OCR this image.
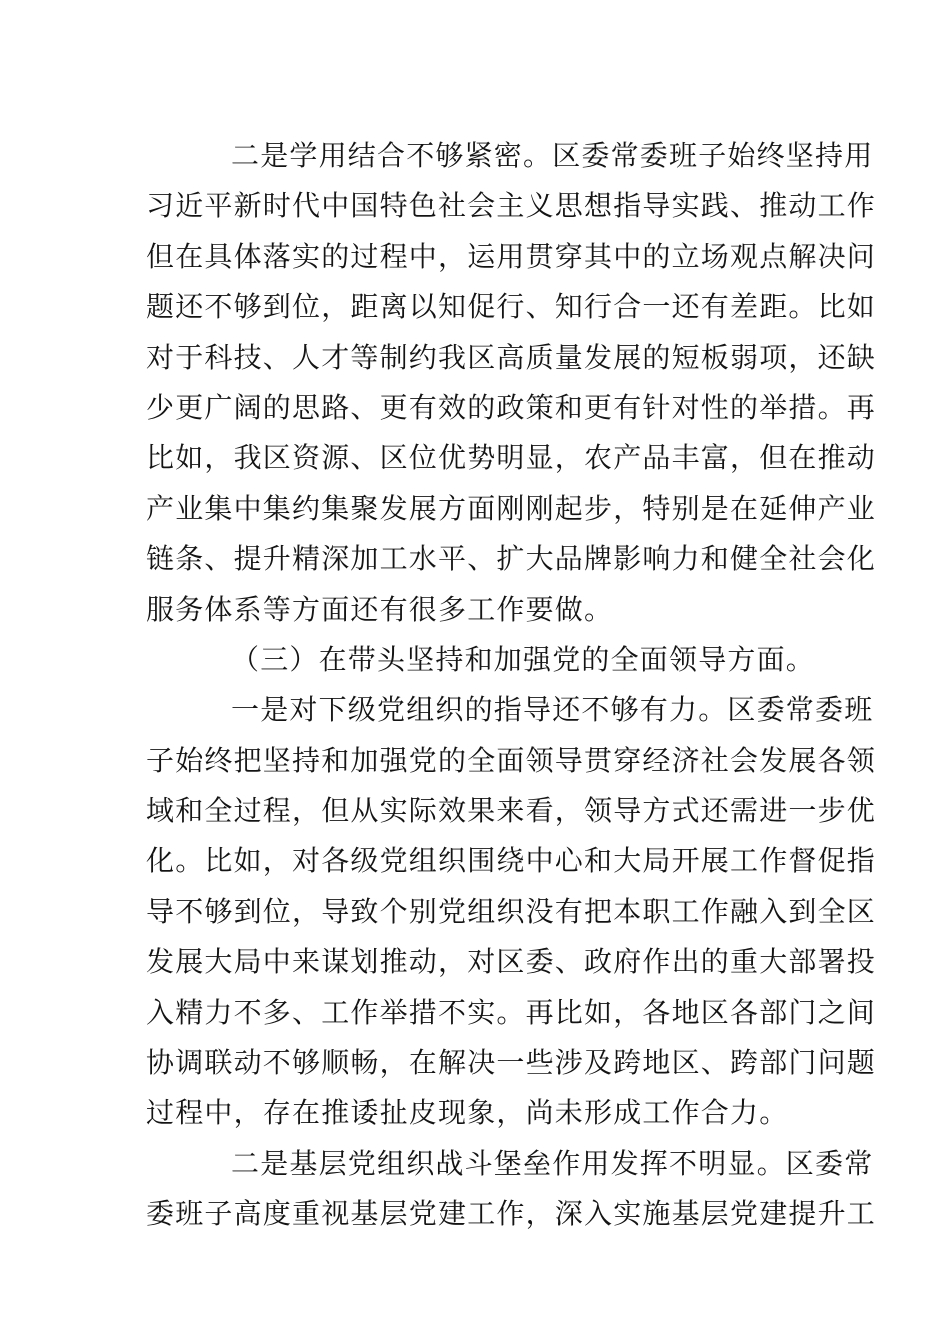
二是学用结合不够紧密。区委常委班子始终坚持用
习近平新时代中国特色社会主义思想指导实践、推动工作
但在具体落实的过程中，运用贯穿其中的立场观点解决问
题还不够到位，距离以知促行、知行合一还有差距。比如
对于科技、人才等制约我区高质量发展的短板弱项，还缺
少更广阔的思路、更有效的政策和更有针对性的举措。再
比如，我区资源、区位优势明显，农产品丰富，但在推动
产业集中集约集聚发展方面刚刚起步，特别是在延伸产业
链条、提升精深加工水平、扩大品牌影响力和健全社会化
服务体系等方面还有很多工作要做。
（三）在带头坚持和加强党的全面领导方面。
一是对下级党组织的指导还不够有力。区委常委班
子始终把坚持和加强党的全面领导贯穿经济社会发展各领
域和全过程，但从实际效果来看，领导方式还需进一步优
化。比如，对各级党组织围绕中心和大局开展工作督促指
导不够到位，导致个别党组织没有把本职工作融入到全区
发展大局中来谋划推动，对区委、政府作出的重大部署投
入精力不多、工作举措不实。再比如，各地区各部门之间
协调联动不够顺畅，在解决一些涉及跨地区、跨部门问题
过程中，存在推诿扯皮现象，尚未形成工作合力。
二是基层党组织战斗堡垒作用发挥不明显。区委常
委班子高度重视基层党建工作，深入实施基层党建提升工
